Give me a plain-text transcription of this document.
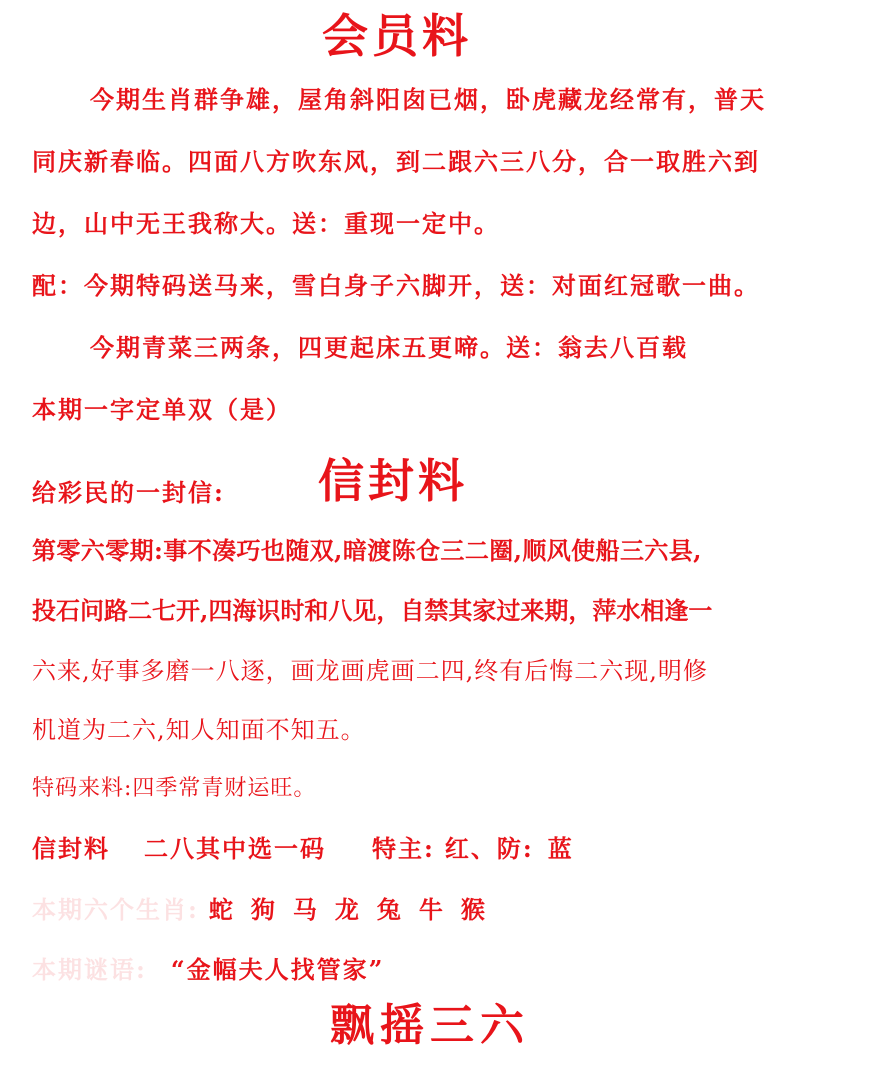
会员料
今期生肖群争雄，屋角斜阳囱已烟，卧虎藏龙经常有，普天
同庆新春临。四面八方吹东风，到二跟六三八分，合一取胜六到
边，山中无王我称大。送：重现一定中。
配：今期特码送马来，雪白身子六脚开，送：对面红冠歌一曲。
今期青菜三两条，四更起床五更啼。送：翁去八百载
本期一字定单双（是）
给彩民的一封信: 信封料
第零六零期:事不凑巧也随双,暗渡陈仓三二圈,顺风使船三六县,
投石问路二七开,四海识时和八见，自禁其家过来期，萍水相逢一
六来,好事多磨一八逐，画龙画虎画二四,终有后悔二六现,明修
机道为二六,知人知面不知五。
特码来料:四季常青财运旺。
信封料 二八其中选一码 特主: 红、防: 蓝
本期六个生肖: 蛇 狗 马 龙 兔 牛 猴
本期谜语: “金幅夫人找管家”
飘摇三六
